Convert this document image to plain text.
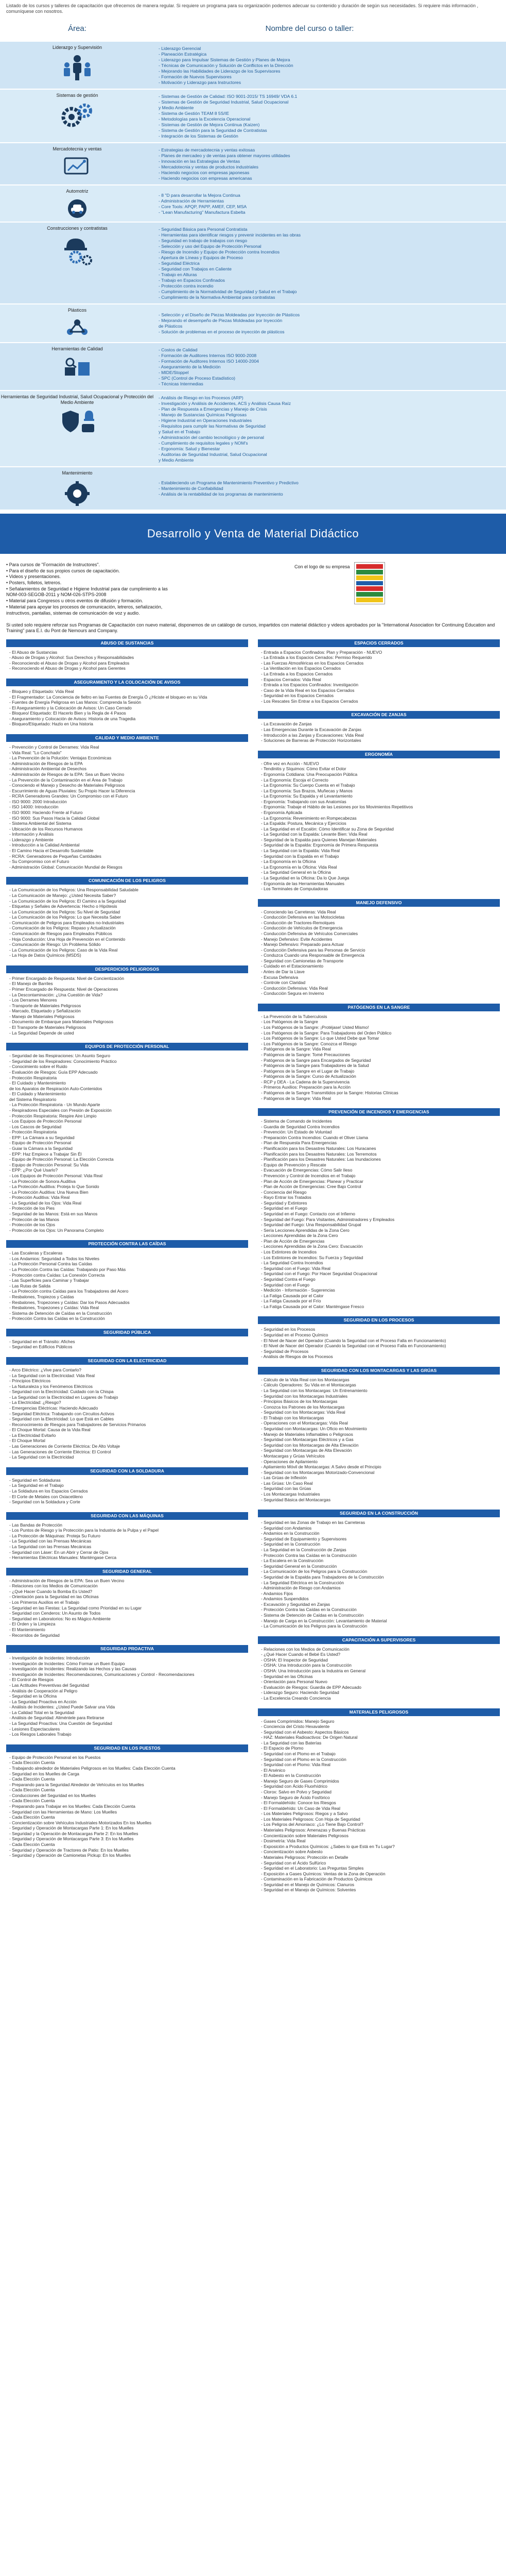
Listado de los cursos y talleres de capacitación que ofrecemos de manera regular. Si requiere un programa para su organización podemos adecuar su contenido y duración de según sus necesidades. Si requiere más información , comuníquese con nosotros.
Área:	Nombre del curso o taller:
Liderazgo y Supervisión	- Liderazgo Gerencial
- Planeación Estratégica
- Liderazgo para Impulsar Sistemas de Gestión y Planes de Mejora
- Técnicas de Comunicación y Solución de Conflictos en la Dirección
- Mejorando las Habilidades de Liderazgo de los Supervisores
- Formación de Nuevos Supervisores
- Motivación y Liderazgo para Instructores
Sistemas de gestión	- Sistemas de Gestión de Calidad: ISO 9001-2015/ TS 16949/ VDA 6.1
- Sistemas de Gestión de Seguridad Industrial, Salud Ocupacional
y Medio Ambiente
- Sistema de Gestión TEAM 8 5S/IE
- Metodologías para la Excelencia Operacional
- Sistemas de Gestión de Mejora Continua (Kaizen)
- Sistema de Gestión para la Seguridad de Contratistas
- Integración de los Sistemas de Gestión
Mercadotecnia y ventas	- Estrategias de mercadotecnia y ventas exitosas
- Planes de mercadeo y de ventas para obtener mayores utilidades
- Innovación en las Estrategias de Ventas
- Mercadotecnia y ventas de productos industriales
- Haciendo negocios con empresas japonesas
- Haciendo negocios con empresas americanas
Automotriz
- 8 "D para desarrollar la Mejora Continua
- Administración de Herramientas
- Core Tools: APQP, PAPP, AMEF, CEP, MSA
- "Lean Manufacturing" Manufactura Esbelta
Construcciones y contratistas	- Seguridad Básica para Personal Contratista
- Herramientas para identificar riesgos y prevenir incidentes en las obras
- Seguridad en trabajo de trabajos con riesgo
- Selección y uso del Equipo de Protección Personal
- Riesgo de Incendio y Equipo de Protección contra Incendios
- Apertura de Líneas y Equipos de Proceso
- Seguridad Eléctrica
- Seguridad con Trabajos en Caliente
- Trabajo en Alturas
- Trabajo en Espacios Confinados
- Protección contra incendio
- Cumplimiento de la Normatividad de Seguridad y Salud en el Trabajo
- Cumplimiento de la Normativa Ambiental para contratistas
Plásticos
- Selección y el Diseño de Piezas Moldeadas por Inyección de Plásticos
- Mejorando el desempeño de Piezas Moldeadas por Inyección
de Plásticos
- Solución de problemas en el proceso de inyección de plásticos
Herramientas de Calidad	- Costos de Calidad
- Formación de Auditores Internos ISO 9000-2008
- Formación de Auditores Internos ISO 14000-2004
- Aseguramiento de la Medición
- MIDE/Stoppel
- SPC (Control de Proceso Estadístico)
- Técnicas Intermedias
Herramientas de Seguridad Industrial, Salud Ocupacional y Protección del Medio Ambiente
- Análisis de Riesgo en los Procesos (ARP)
- Investigación y Análisis de Accidentes, ACS y Análisis Causa Raíz
- Plan de Respuesta a Emergencias y Manejo de Crisis
- Manejo de Sustancias Químicas Peligrosas
- Higiene Industrial en Operaciones Industriales
- Requisitos para cumplir las Normativas de Seguridad
y Salud en el Trabajo
- Administración del cambio tecnológico y de personal
- Cumplimiento de requisitos legales y NOM's
- Ergonomía: Salud y Bienestar
- Auditorias de Seguridad Industrial, Salud Ocupacional
y Medio Ambiente
Mantenimiento
- Estableciendo un Programa de Mantenimiento Preventivo y Predictivo
- Mantenimiento de Confiabilidad
- Análisis de la rentabilidad de los programas de mantenimiento
Desarrollo y Venta de Material Didáctico
• Para cursos de "Formación de Instructores".
• Para el diseño de sus propios cursos de capacitación.
• Videos y presentaciones.
• Posters, folletos, letreros.
• Señalamientos de Seguridad e Higiene Industrial para dar cumplimiento a las
NOM-003-SEGOB-2011 y NOM-026-STPS-2008
• Material para Congresos u otros eventos de difusión y formación.
• Material para apoyar los procesos de comunicación, letreros, señalización,
instructivos, pantallas, sistemas de comunicación de voz y audio.
Con el logo de su empresa
Si usted solo requiere reforzar sus Programas de Capacitación con nuevo material, disponemos de un catálogo de cursos, impartidos con material didáctico y videos aprobados por la "International Association for Continuing Education and Training" para E.I. du Pont de Nemours and Company.
ABUSO DE SUSTANCIAS
- El Abuso de Sustancias
- Abuso de Drogas y Alcohol: Sus Derechos y Responsabilidades
- Reconociendo el Abuso de Drogas y Alcohol para Empleados
- Reconociendo el Abuso de Drogas y Alcohol para Gerentes
ASEGURAMIENTO Y LA COLOCACIÓN DE AVISOS
- Bloqueo y Etiquetado: Vida Real
- El Fragmentador: La Conciencia de fieltro en las Fuentes de Energía Ó ¿Hiciste el bloqueo en su Vida
- Fuentes de Energía Peligrosa en Las Manos: Comprenda la Sesión
- El Aseguramiento y la Colocación de Avisos: Un Caso Cerrado
- Bloqueo/ Etiquetado: El Hacerlo Bien y la Regla de 4 Pasos
- Aseguramiento y Colocación de Avisos: Historia de una Tragedia
- Bloqueo/Etiquetado: Hazlo en Una historia
CALIDAD Y MEDIO AMBIENTE
- Prevención y Control de Derrames: Vida Real
- Vida Real: "Lo Conchado"
- La Prevención de la Polución: Ventajas Económicas
- Administración de Riesgos de la EPA
- Administración Ambiental de Desechos
- Administración de Riesgos de la EPA: Sea un Buen Vecino
- La Prevención de la Contaminación en el Área de Trabajo
- Conociendo el Manejo y Desecho de Materiales Peligrosos
- Escurrimiento de Aguas Pluviales: Su Propio Hacer la Diferencia
- RCRA Generadores Grandes: Un Compromiso con el Futuro
- ISO 9000: 2000 Introducción
- ISO 14000: Introducción
- ISO 9000: Haciendo Frente al Futuro
- ISO 9000: Sus Pasos Hacia la Calidad Global
- Sistema Ambiental del Sistema
- Ubicación de los Recursos Humanos
- Información y Análisis
- Liderazgo y Ambiente
- Introducción a la Calidad Ambiental
- El Camino Hacia el Desarrollo Sustentable
- RCRA: Generadores de Pequeñas Cantidades
- Su Compromiso con el Futuro
- Administración Global: Comunicación Mundial de Riesgos
COMUNICACIÓN DE LOS PELIGROS
- La Comunicación de los Peligros: Una Responsabilidad Saludable
- La Comunicación de Manejo: ¿Usted Necesita Saber?
- La Comunicación de los Peligros: El Camino a la Seguridad
- Etiquetas y Señales de Advertencia: Hecho o Hipótesis
- La Comunicación de los Peligros: Su Nivel de Seguridad
- La Comunicación de los Peligros: Lo que Necesita Saber
- Comunicación de Peligros para Empleados no-Industriales
- Comunicación de los Peligros: Repaso y Actualización
- Comunicación de Riesgos para Empleados Públicos
- Hoja Conducción: Una Hoja de Prevención en el Contenido
- Comunicación de Riesgo: Un Problema Sólido
- La Comunicación de los Peligros: Caso de la Vida Real
- La Hoja de Datos Químicos (MSDS)
DESPERDICIOS PELIGROSOS
- Primer Encargado de Respuesta: Nivel de Concientización
- El Manejo de Barriles
- Primer Encargado de Respuesta: Nivel de Operaciones
- La Descontaminación: ¿Una Cuestión de Vida?
- Los Derrames Menores
- Transporte de Materiales Peligrosos
- Marcado, Etiquetado y Señalización
- Manejo de Materiales Peligrosos
- Documento de Embarque para Materiales Peligrosos
- El Transporte de Materiales Peligrosos
- La Seguridad Depende de usted
EQUIPOS DE PROTECCIÓN PERSONAL
- Seguridad de las Respiraciones: Un Asunto Seguro
- Seguridad de los Respiradores: Conocimiento Práctico
- Conocimiento sobre el Ruido
- Evaluación de Riesgos: Guía EPP Adecuado
- Protección Respiratoria
- El Cuidado y Mantenimiento
de los Aparatos de Respiración Auto-Contenidos
- El Cuidado y Mantenimiento
del Sistema Respiratorio
- La Protección Respiratoria - Un Mundo Aparte
- Respiradores Especiales con Presión de Exposición
- Protección Respiratoria: Respire Aire Limpio
- Los Equipos de Protección Personal
- Los Cascos de Seguridad
- Protección Respiratoria
- EPP: La Cámara a su Seguridad
- Equipo de Protección Personal
- Guiar la Cámara a la Seguridad
- EPP: Haz Empiece a Trabajar Sin Él
- Equipo de Protección Personal: La Elección Correcta
- Equipo de Protección Personal: Su Vida
- EPP: ¿Por Qué Usarlo?
- Los Equipos de Protección Personal: Vida Real
- La Protección de Sonora Auditiva
- La Protección Auditiva: Proteja lo Que Sonido
- La Protección Auditiva: Una Nueva Bien
- Protección Auditiva: Vida Real
- La Seguridad de los Ojos: Vida Real
- Protección de los Pies
- Seguridad de las Manos: Está en sus Manos
- Protección de las Manos
- Protección de los Ojos
- Protección de los Ojos: Un Panorama Completo
PROTECCIÓN CONTRA LAS CAÍDAS
- Las Escaleras y Escaleras
- Los Andamios: Seguridad a Todos los Niveles
- La Protección Personal Contra las Caídas
- La Protección Contra las Caídas: Trabajando por Paso Más
- Protección contra Caídas: La Conexión Correcta
- Las Superficies para Caminar y Trabajar
- Las Rutas de Salida
- La Protección contra Caídas para los Trabajadores del Acero
- Resbalones, Tropiezos y Caídas
- Resbalones, Tropezones y Caídas: Dar los Pasos Adecuados
- Resbalones, Tropezones y Caídas: Vida Real
- Sistema de Detención de Caídas en la Construcción
- Protección Contra las Caídas en la Construcción
SEGURIDAD PÚBLICA
- Seguridad en el Tránsito: Afiches
- Seguridad en Edificios Públicos
SEGURIDAD CON LA ELECTRICIDAD
- Arco Eléctrico: ¿Vive para Contarlo?
- La Seguridad con la Electricidad: Vida Real
- Principios Eléctricos
- La Naturaleza y los Fenómenos Eléctricos
- Seguridad con la Electricidad: Cuidado con la Chispa
- La Seguridad con la Electricidad en Lugares de Trabajo
- La Electricidad: ¿Riesgo?
- Emergencias Eléctricas: Haciendo Adecuado
- Seguridad Eléctrica: Trabajando con Circuitos Activos
- Seguridad con la Electricidad: Lo que Está en Cables
- Reconocimiento de Riesgos para Trabajadores de Servicios Primarios
- El Choque Mortal: Causa de la Vida Real
- La Electricidad Evitarlo
- El Choque Mortal
- Las Generaciones de Corriente Eléctrica: De Alto Voltaje
- Las Generaciones de Corriente Eléctrica: El Control
- La Seguridad con la Electricidad
SEGURIDAD CON LA SOLDADURA
- Seguridad en Soldaduras
- La Seguridad en el Trabajo
- La Soldadura en los Espacios Cerrados
- El Corte de Metales con Oxiacetileno
- Seguridad con la Soldadura y Corte
SEGURIDAD CON LAS MÁQUINAS
- Las Bandas de Protección
- Los Puntos de Riesgo y la Protección para la Industria de la Pulpa y el Papel
- La Protección de Máquinas: Proteja Su Futuro
- La Seguridad con las Prensas Mecánicas
- La Seguridad con las Prensas Mecánicas
- Seguridad con Láser: En un Abrir y Cerrar de Ojos
- Herramientas Eléctricas Manuales: Manténgase Cerca
SEGURIDAD GENERAL
- Administración de Riesgos de la EPA: Sea un Buen Vecino
- Relaciones con los Medios de Comunicación
- ¿Qué Hacer Cuando la Bomba Es Usted?
- Orientación para la Seguridad en las Oficinas
- Los Primeros Auxilios en el Trabajo
- Seguridad en las Fiestas: La Seguridad como Prioridad en su Lugar
- Seguridad con Cenderos: Un Asunto de Todos
- Seguridad en Laboratorios: No es Mágico Ambiente
- El Orden y la Limpieza
- El Mantenimiento
- Recorridos de Seguridad
SEGURIDAD PROACTIVA
- Investigación de Incidentes: Introducción
- Investigación de Incidentes: Cómo Formar un Buen Equipo
- Investigación de Incidentes: Realizando las Hechos y las Causas
- Investigación de Incidentes: Recomendaciones, Comunicaciones y Control - Recomendaciones
- El Control de Riesgos
- Las Actitudes Preventivas del Seguridad
- Análisis de Cooperación al Peligro
- Seguridad en la Oficina
- La Seguridad Proactiva en Acción
- Análisis de Incidentes: ¿Usted Puede Salvar una Vida
- La Calidad Total en la Seguridad
- Análisis de Seguridad: Aliméntele para Retirarse
- La Seguridad Proactiva: Una Cuestión de Seguridad
- Lesiones Espectaculares
- Los Riesgos Laborales Trabajo
SEGURIDAD EN LOS PUESTOS
- Equipo de Protección Personal en los Puestos
- Cada Elección Cuenta
- Trabajando alrededor de Materiales Peligrosos en los Muelles: Cada Elección Cuenta
- Seguridad en los Muelles de Carga
- Cada Elección Cuenta
- Preparando para la Seguridad Alrededor de Vehículos en los Muelles
- Cada Elección Cuenta
- Conducciones del Seguridad en los Muelles
- Cada Elección Cuenta
- Preparando para Trabajar en los Muelles: Cada Elección Cuenta
- Seguridad con las Herramientas de Mano: Los Muelles
- Cada Elección Cuenta
- Concientización sobre Vehículos Industriales Motorizados En los Muelles
- Seguridad y Operación de Montacargas Parte 1: En los Muelles
- Seguridad y la Operación de Montacargas Parte 2: En los Muelles
- Seguridad y Operación de Montacargas Parte 3: En los Muelles
- Cada Elección Cuenta
- Seguridad y Operación de Tractores de Patio: En los Muelles
- Seguridad y Operación de Camionetas Pickup: En los Muelles
ESPACIOS CERRADOS
- Entrada a Espacios Confinados: Plan y Preparación - NUEVO
- La Entrada a los Espacios Cerrados: Permiso Requerido
- Las Fuerzas Atmosféricas en los Espacios Cerrados
- La Ventilación en los Espacios Cerrados
- La Entrada a los Espacios Cerrados
- Espacios Cerrados: Vida Real
- Entrada a los Espacios Confinados: Investigación
- Caso de la Vida Real en los Espacios Cerrados
- Seguridad en los Espacios Cerrados
- Los Rescates Sin Entrar a los Espacios Cerrados
EXCAVACIÓN DE ZANJAS
- La Excavación de Zanjas
- Las Emergencias Durante la Excavación de Zanjas
- Introducción a las Zanjas y Excavaciones: Vida Real
- Soluciones de Barreras de Protección Horizontales
ERGONOMÍA
- Ofre vez en Acción - NUEVO
- Tendinitis y Síquimos: Cómo Evitar el Dolor
- Ergonomía Cotidiana: Una Preocupación Pública
- La Ergonomía: Escoja el Correcto
- La Ergonomía: Su Cuerpo Cuenta en el Trabajo
- La Ergonomía: Sus Brazos, Muñecas y Manos
- La Ergonomía: Su Espalda y el Levantamiento
- Ergonomía: Trabajando con sus Anatomías
- Ergonomía: Trabaje el Hábito de las Lesiones por los Movimientos Repetitivos
- Ergonomía Aplicada
- La Ergonomía: Revenimiento en Rompecabezas
- La Espalda: Postura, Mecánica y Ejercicios
- La Seguridad en el Escalón: Cómo Identificar su Zona de Seguridad
- La Seguridad con la Espalda: Levante Bien: Vida Real
- Seguridad de la Espalda para Quienes Manejan Materiales
- Seguridad de la Espalda: Ergonomía de Primera Respuesta
- La Seguridad con la Espalda: Vida Real
- Seguridad con la Espalda en el Trabajo
- La Ergonomía en la Oficina
- La Ergonomía en la Oficina: Vida Real
- La Seguridad General en la Oficina
- La Seguridad en la Oficina: Da lo Que Juega
- Ergonomía de las Herramientas Manuales
- Los Terminales de Computadoras
MANEJO DEFENSIVO
- Conociendo las Carreteras: Vida Real
- Conducción Defensiva en las Motocicletas
- Conducción de Tractores-Remolques
- Conducción de Vehículos de Emergencia
- Conducción Defensiva de Vehículos Comerciales
- Manejo Defensivo: Evite Accidentes
- Manejo Defensivo: Preparado para Actuar
- Conducción Defensiva para las Personas de Servicio
- Conduzca Cuando una Responsable de Emergencia
- Seguridad con Camionetas de Transporte
- Cuidado en el Estacionamiento
- Antes de Dar la Llave
- Excusa Defensiva
- Controle con Claridad
- Conducción Defensiva: Vida Real
- Conducción Segura en Invierno
PATÓGENOS EN LA SANGRE
- La Prevención de la Tuberculosis
- Los Patógenos de la Sangre
- Los Patógenos de la Sangre: ¡Protéjase! Usted Mismo!
- Los Patógenos de la Sangre: Para Trabajadores del Orden Público
- Los Patógenos de la Sangre: Lo que Usted Debe que Tomar
- Los Patógenos de la Sangre: Conozca el Riesgo
- Patógenos de la Sangre: Vida Real
- Patógenos de la Sangre: Tomé Precauciones
- Patógenos de la Sangre para Encargados de Seguridad
- Patógenos de la Sangre para Trabajadores de la Salud
- Patógenos de la Sangre en el Lugar de Trabajo
- Patógenos de la Sangre: Curso de Actualización
- RCP y DEA - La Cadena de la Supervivencia
- Primeros Auxilios: Preparación para la Acción
- Patógenos de la Sangre Transmitidos por la Sangre: Historias Clínicas
- Patógenos de la Sangre: Vida Real
PREVENCIÓN DE INCENDIOS Y EMERGENCIAS
- Sistema de Comando de Incidentes
- Guardia de Seguridad Contra Incendios
- Prevención: Un Estado de Voluntad
- Preparación Contra Incendios: Cuando el Oliver Llama
- Plan de Respuesta Para Emergencias
- Planificación para los Desastres Naturales: Los Huracanes
- Planificación para los Desastres Naturales: Los Terremotos
- Planificación para los Desastres Naturales: Las Inundaciones
- Equipo de Prevención y Rescate
- Evacuación de Emergencias: Cómo Salir Ileso
- Prevención y Control de Incendios en el Trabajo
- Plan de Acción de Emergencias: Planear y Practicar
- Plan de Acción de Emergencias: Cree Bajo Control
- Conciencia del Riesgo
- Rayo Entrar los Tratados
- Seguridad y Extintores
- Seguridad en el Fuego
- Seguridad en el Fuego: Contacto con el Infierno
- Seguridad del Fuego: Para Visitantes, Administradores y Empleados
- Seguridad del Fuego: Una Responsabilidad Grupal
- Sería Lecciones Aprendidas de la Zona Cero
- Lecciones Aprendidas de la Zona Cero
- Plan de Acción de Emergencias
- Lecciones Aprendidas de la Zona Cero: Evacuación
- Los Extintores de Incendios
- Los Extintores de Incendios: Su Fuerza y Seguridad
- La Seguridad Contra Incendios
- Seguridad con el Fuego: Vida Real
- Seguridad con el Fuego: Por Hacer Seguridad Ocupacional
- Seguridad Contra el Fuego
- Seguridad con el Fuego
- Medición - Información - Sugerencias
- La Fatiga Causada por el Calor
- La Fatiga Causada por el Frío
- La Fatiga Causada por el Calor: Manténgase Fresco
SEGURIDAD EN LOS PROCESOS
- Seguridad en los Procesos
- Seguridad en el Proceso Químico
- El Nivel de Nacer del Operador (Cuando la Seguridad con el Proceso Falla en Funcionamiento)
- El Nivel de Nacer del Operador (Cuando la Seguridad con el Proceso Falla en Funcionamiento)
- Seguridad de Procesos
- Análisis de Riesgos de los Procesos
SEGURIDAD CON LOS MONTACARGAS Y LAS GRÚAS
- Cálculo de la Vida Real con los Montacargas
- Cálculo Operadores: Su Vida en el Montacargas
- La Seguridad con los Montacargas: Un Entrenamiento
- Seguridad con los Montacargas Industriales
- Principios Básicos de los Montacargas
- Conozca los Patrones de los Montacargas
- Seguridad con los Montacargas: Vida Real
- El Trabajo con los Montacargas
- Operaciones con el Montacargas: Vida Real
- Seguridad con Montacargas: Un Oficio en Movimiento
- Manejo de Materiales Inflamables o Peligrosos
- Seguridad con Montacargas Eléctricos y a Gas
- Seguridad con los Montacargas de Alta Elevación
- Seguridad con Montacargas de Alta Elevación
- Montacargas y Grúas Vehículos
- Operaciones de Apilamiento
- Apilamiento Móvil de Montacargas: A Salvo desde el Principio
- Seguridad con los Montacargas Motorizado-Convencional
- Las Grúas de Inflexión
- Las Grúas: Un Caso Real
- Seguridad con las Grúas
- Los Montacargas Industriales
- Seguridad Básica del Montacargas
SEGURIDAD EN LA CONSTRUCCIÓN
- Seguridad en las Zonas de Trabajo en las Carreteras
- Seguridad con Andamios
- Andamios en la Construcción
- Seguridad de Equipamiento y Supervisores
- Seguridad en la Construcción
- La Seguridad en la Construcción de Zanjas
- Protección Contra las Caídas en la Construcción
- La Escalera en la Construcción
- Seguridad General en la Construcción
- La Comunicación de los Peligros para la Construcción
- Seguridad de la Espalda para Trabajadores de la Construcción
- La Seguridad Eléctrica en la Construcción
- Administración de Riesgo con Andamios
- Andamios Fijos
- Andamios Suspendidos
- Excavación y Seguridad en Zanjas
- Protección Contra las Caídas en la Construcción
- Sistema de Detención de Caídas en la Construcción
- Manejo de Carga en la Construcción: Levantamiento de Material
- La Comunicación de los Peligros para la Construcción
CAPACITACIÓN A SUPERVISORES
- Relaciones con los Medios de Comunicación
- ¿Qué Hacer Cuando el Bebé Es Usted?
- OSHA: El Inspector de Seguridad
- OSHA: Una Introducción para la Construcción
- OSHA: Una Introducción para la Industria en General
- Seguridad en las Oficinas
- Orientación para Personal Nuevo
- Evaluación de Riesgos: Guardia de EPP Adecuado
- Liderazgo Seguro: Haciendo Seguridad
- La Excelencia Creando Conciencia
MATERIALES PELIGROSOS
- Gases Comprimidos: Manejo Seguro
- Conciencia del Cristo Hexavalente
- Seguridad con el Asbesto: Aspectos Básicos
- HAZ: Materiales Radioactivos: De Origen Natural
- La Seguridad con las Baterías
- El Espacio de Plomo
- Seguridad con el Plomo en el Trabajo
- Seguridad con el Plomo en la Construcción
- Seguridad con el Plomo: Vida Real
- El Arsénico
- El Asbesto en la Construcción
- Manejo Seguro de Gases Comprimidos
- Seguridad con Ácido Fluorhídrico
- Clorox: Salvo en Polvo y Seguridad
- Manejo Seguro de Ácido Fosfórico
- El Formaldehído: Conoce los Riesgos
- El Formaldehído: Un Caso de Vida Real
- Los Materiales Peligrosos: Riegos y a Salvo
- Los Materiales Peligrosos: Con Hoja de Seguridad
- Los Peligros del Amoniaco: ¿Lo Tiene Bajo Control?
- Materiales Peligrosos: Amenazas y Buenas Prácticas
- Concientización sobre Materiales Peligrosos
- Dosimetría: Vida Real
- Exposición a Productos Químicos: ¿Sabes lo que Está en Tu Lugar?
- Concientización sobre Asbesto
- Materiales Peligrosos: Protección en Detalle
- Seguridad con el Ácido Sulfúrico
- Seguridad en el Laboratorio: Las Preguntas Simples
- Exposición a Gases Químicos: Ventas de la Zona de Operación
- Contaminación en la Fabricación de Productos Químicos
- Seguridad en el Manejo de Químicos: Cianuros
- Seguridad en el Manejo de Químicos: Solventes
